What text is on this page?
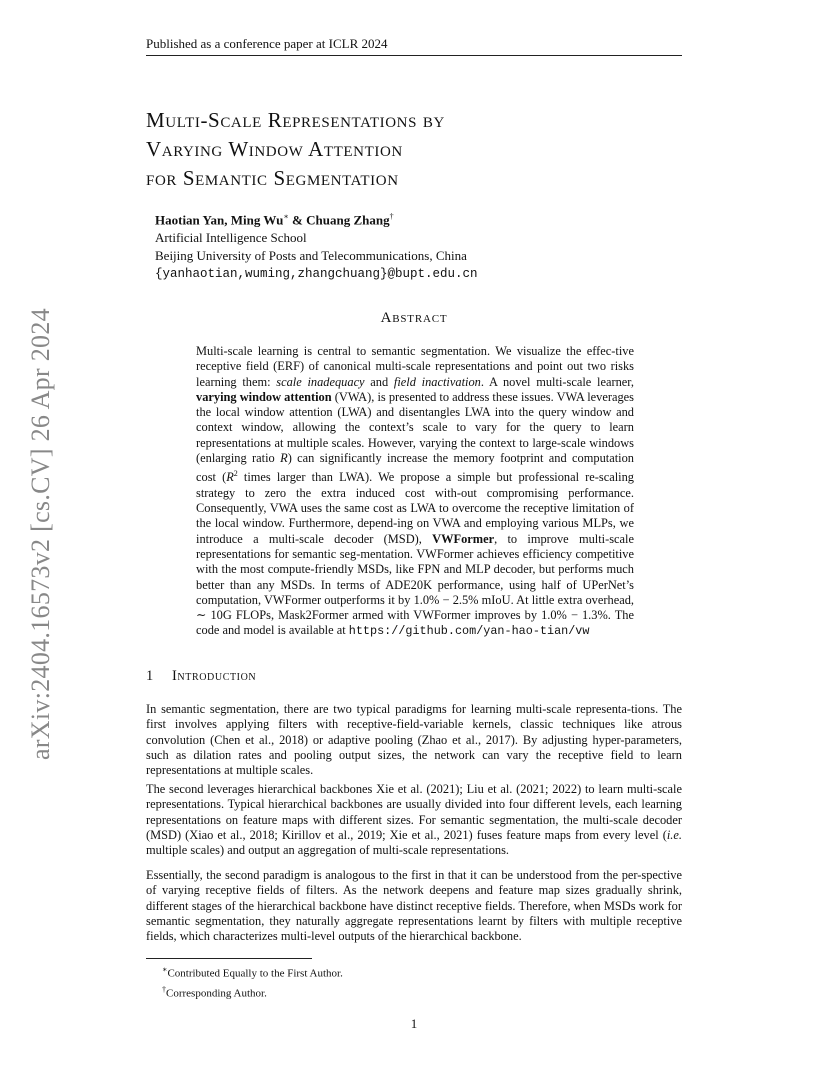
Published as a conference paper at ICLR 2024
arXiv:2404.16573v2 [cs.CV] 26 Apr 2024
Multi-Scale Representations by
Varying Window Attention
for Semantic Segmentation
Haotian Yan, Ming Wu∗ & Chuang Zhang†
Artificial Intelligence School
Beijing University of Posts and Telecommunications, China
{yanhaotian,wuming,zhangchuang}@bupt.edu.cn
Abstract
Multi-scale learning is central to semantic segmentation. We visualize the effec-tive receptive field (ERF) of canonical multi-scale representations and point out two risks learning them: scale inadequacy and field inactivation. A novel multi-scale learner, varying window attention (VWA), is presented to address these issues. VWA leverages the local window attention (LWA) and disentangles LWA into the query window and context window, allowing the context’s scale to vary for the query to learn representations at multiple scales. However, varying the context to large-scale windows (enlarging ratio R) can significantly increase the memory footprint and computation cost ($R^2$ times larger than LWA). We propose a simple but professional re-scaling strategy to zero the extra induced cost with-out compromising performance. Consequently, VWA uses the same cost as LWA to overcome the receptive limitation of the local window. Furthermore, depend-ing on VWA and employing various MLPs, we introduce a multi-scale decoder (MSD), VWFormer, to improve multi-scale representations for semantic seg-mentation. VWFormer achieves efficiency competitive with the most compute-friendly MSDs, like FPN and MLP decoder, but performs much better than any MSDs. In terms of ADE20K performance, using half of UPerNet’s computation, VWFormer outperforms it by 1.0% − 2.5% mIoU. At little extra overhead, ∼ 10G FLOPs, Mask2Former armed with VWFormer improves by 1.0% − 1.3%. The code and model is available at https://github.com/yan-hao-tian/vw
1 Introduction
In semantic segmentation, there are two typical paradigms for learning multi-scale representa-tions. The first involves applying filters with receptive-field-variable kernels, classic techniques like atrous convolution (Chen et al., 2018) or adaptive pooling (Zhao et al., 2017). By adjusting hyper-parameters, such as dilation rates and pooling output sizes, the network can vary the receptive field to learn representations at multiple scales.
The second leverages hierarchical backbones Xie et al. (2021); Liu et al. (2021; 2022) to learn multi-scale representations. Typical hierarchical backbones are usually divided into four different levels, each learning representations on feature maps with different sizes. For semantic segmentation, the multi-scale decoder (MSD) (Xiao et al., 2018; Kirillov et al., 2019; Xie et al., 2021) fuses feature maps from every level (i.e. multiple scales) and output an aggregation of multi-scale representations.
Essentially, the second paradigm is analogous to the first in that it can be understood from the per-spective of varying receptive fields of filters. As the network deepens and feature map sizes gradually shrink, different stages of the hierarchical backbone have distinct receptive fields. Therefore, when MSDs work for semantic segmentation, they naturally aggregate representations learnt by filters with multiple receptive fields, which characterizes multi-level outputs of the hierarchical backbone.
∗Contributed Equally to the First Author.
†Corresponding Author.
1
